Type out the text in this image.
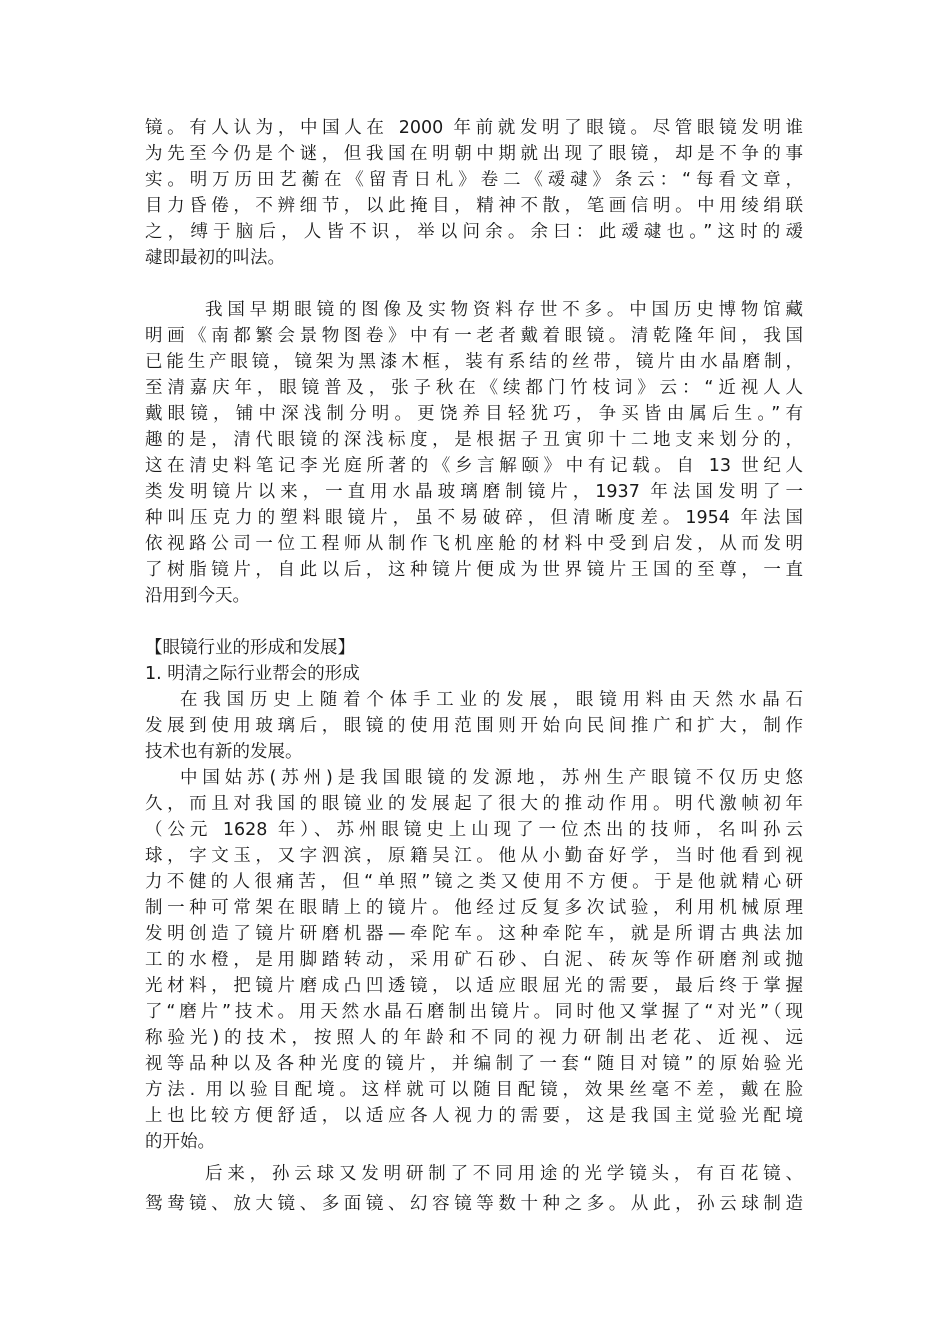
镜。有人认为，中国人在 2000 年前就发明了眼镜。尽管眼镜发明谁
为先至今仍是个谜，但我国在明朝中期就出现了眼镜，却是不争的事
实。明万历田艺蘅在《留青日札》卷二《叆叇》条云：“每看文章，
目力昏倦，不辨细节，以此掩目，精神不散，笔画信明。中用绫绢联
之，缚于脑后，人皆不识，举以问余。余曰：此叆叇也。”这时的叆
叇即最初的叫法。
我国早期眼镜的图像及实物资料存世不多。中国历史博物馆藏
明画《南都繁会景物图卷》中有一老者戴着眼镜。清乾隆年间，我国
已能生产眼镜，镜架为黑漆木框，装有系结的丝带，镜片由水晶磨制，
至清嘉庆年，眼镜普及，张子秋在《续都门竹枝词》云：“近视人人
戴眼镜，铺中深浅制分明。更饶养目轻犹巧，争买皆由属后生。”有
趣的是，清代眼镜的深浅标度，是根据子丑寅卯十二地支来划分的，
这在清史料笔记李光庭所著的《乡言解颐》中有记载。自 13 世纪人
类发明镜片以来，一直用水晶玻璃磨制镜片，1937 年法国发明了一
种叫压克力的塑料眼镜片，虽不易破碎，但清晰度差。1954 年法国
依视路公司一位工程师从制作飞机座舱的材料中受到启发，从而发明
了树脂镜片，自此以后，这种镜片便成为世界镜片王国的至尊，一直
沿用到今天。
【眼镜行业的形成和发展】
1. 明清之际行业帮会的形成
在我国历史上随着个体手工业的发展，眼镜用料由天然水晶石
发展到使用玻璃后，眼镜的使用范围则开始向民间推广和扩大，制作
技术也有新的发展。
中国姑苏(苏州)是我国眼镜的发源地，苏州生产眼镜不仅历史悠
久，而且对我国的眼镜业的发展起了很大的推动作用。明代激帧初年
（公元 1628 年）、苏州眼镜史上山现了一位杰出的技师，名叫孙云
球，字文玉，又字泗滨，原籍吴江。他从小勤奋好学，当时他看到视
力不健的人很痛苦，但“单照”镜之类又使用不方便。于是他就精心研
制一种可常架在眼睛上的镜片。他经过反复多次试验，利用机械原理
发明创造了镜片研磨机器—牵陀车。这种牵陀车，就是所谓古典法加
工的水橙，是用脚踏转动，采用矿石砂、白泥、砖灰等作研磨剂或抛
光材料，把镜片磨成凸凹透镜，以适应眼屈光的需要，最后终于掌握
了“磨片”技术。用天然水晶石磨制出镜片。同时他又掌握了“对光”（现
称验光)的技术，按照人的年龄和不同的视力研制出老花、近视、远
视等品种以及各种光度的镜片，并编制了一套“随目对镜”的原始验光
方法. 用以验目配境。这样就可以随目配镜，效果丝毫不差，戴在脸
上也比较方便舒适，以适应各人视力的需要，这是我国主觉验光配境
的开始。
后来，孙云球又发明研制了不同用途的光学镜头，有百花镜、
鸳鸯镜、放大镜、多面镜、幻容镜等数十种之多。从此，孙云球制造
